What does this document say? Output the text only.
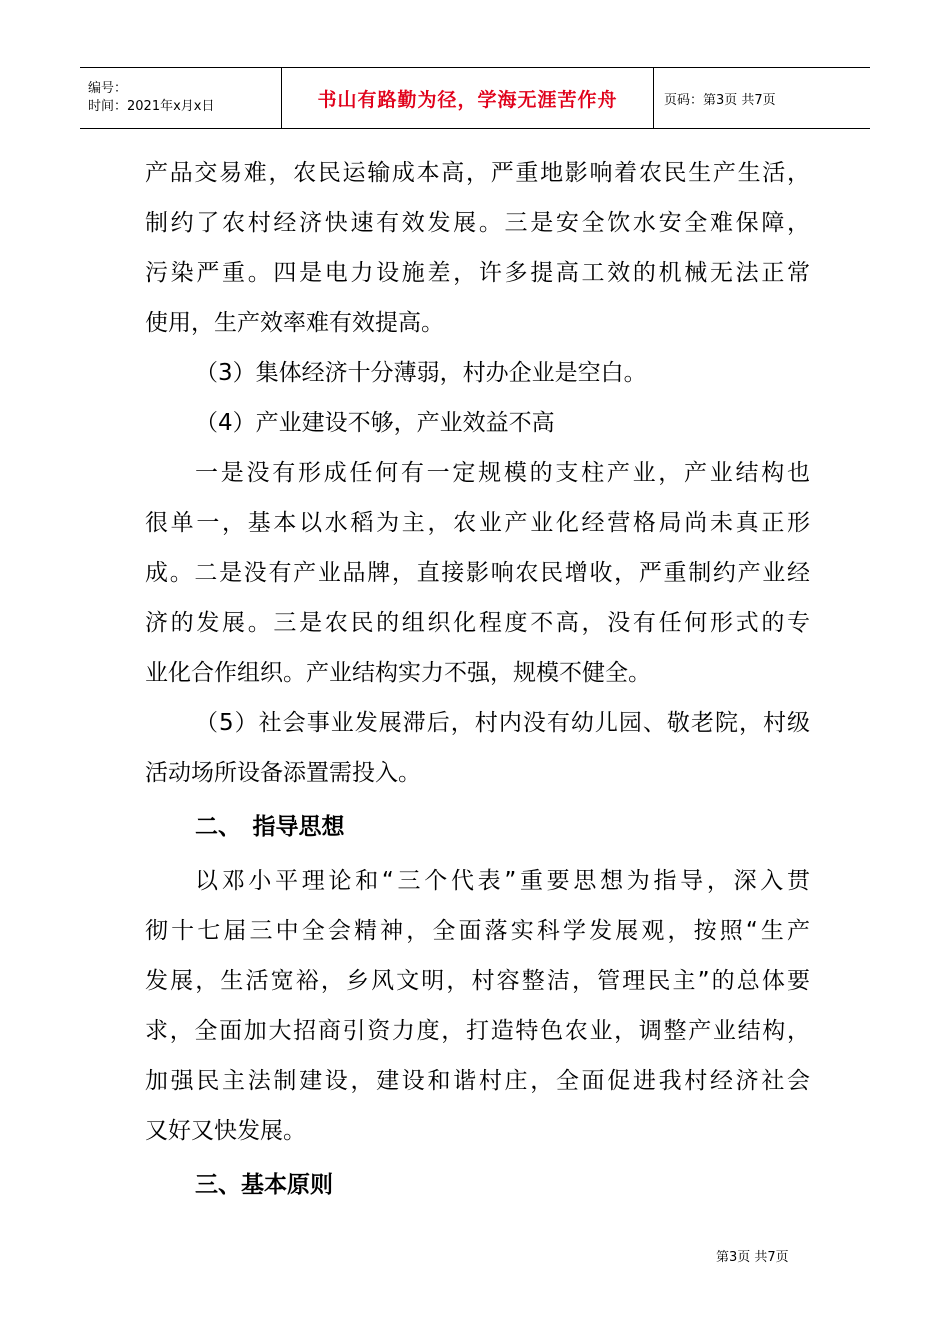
编号：
时间：2021年x月x日	书山有路勤为径，学海无涯苦作舟	页码：第3页 共7页
产品交易难，农民运输成本高，严重地影响着农民生产生活，
制约了农村经济快速有效发展。三是安全饮水安全难保障，
污染严重。四是电力设施差，许多提高工效的机械无法正常
使用，生产效率难有效提高。
（3）集体经济十分薄弱，村办企业是空白。
（4）产业建设不够，产业效益不高
一是没有形成任何有一定规模的支柱产业，产业结构也
很单一，基本以水稻为主，农业产业化经营格局尚未真正形
成。二是没有产业品牌，直接影响农民增收，严重制约产业经
济的发展。三是农民的组织化程度不高，没有任何形式的专
业化合作组织。产业结构实力不强，规模不健全。
（5）社会事业发展滞后，村内没有幼儿园、敬老院，村级
活动场所设备添置需投入。
二、　指导思想
以邓小平理论和“三个代表”重要思想为指导，深入贯
彻十七届三中全会精神，全面落实科学发展观，按照“生产
发展，生活宽裕，乡风文明，村容整洁，管理民主”的总体要
求，全面加大招商引资力度，打造特色农业，调整产业结构，
加强民主法制建设，建设和谐村庄，全面促进我村经济社会
又好又快发展。
三、基本原则
第3页 共7页
